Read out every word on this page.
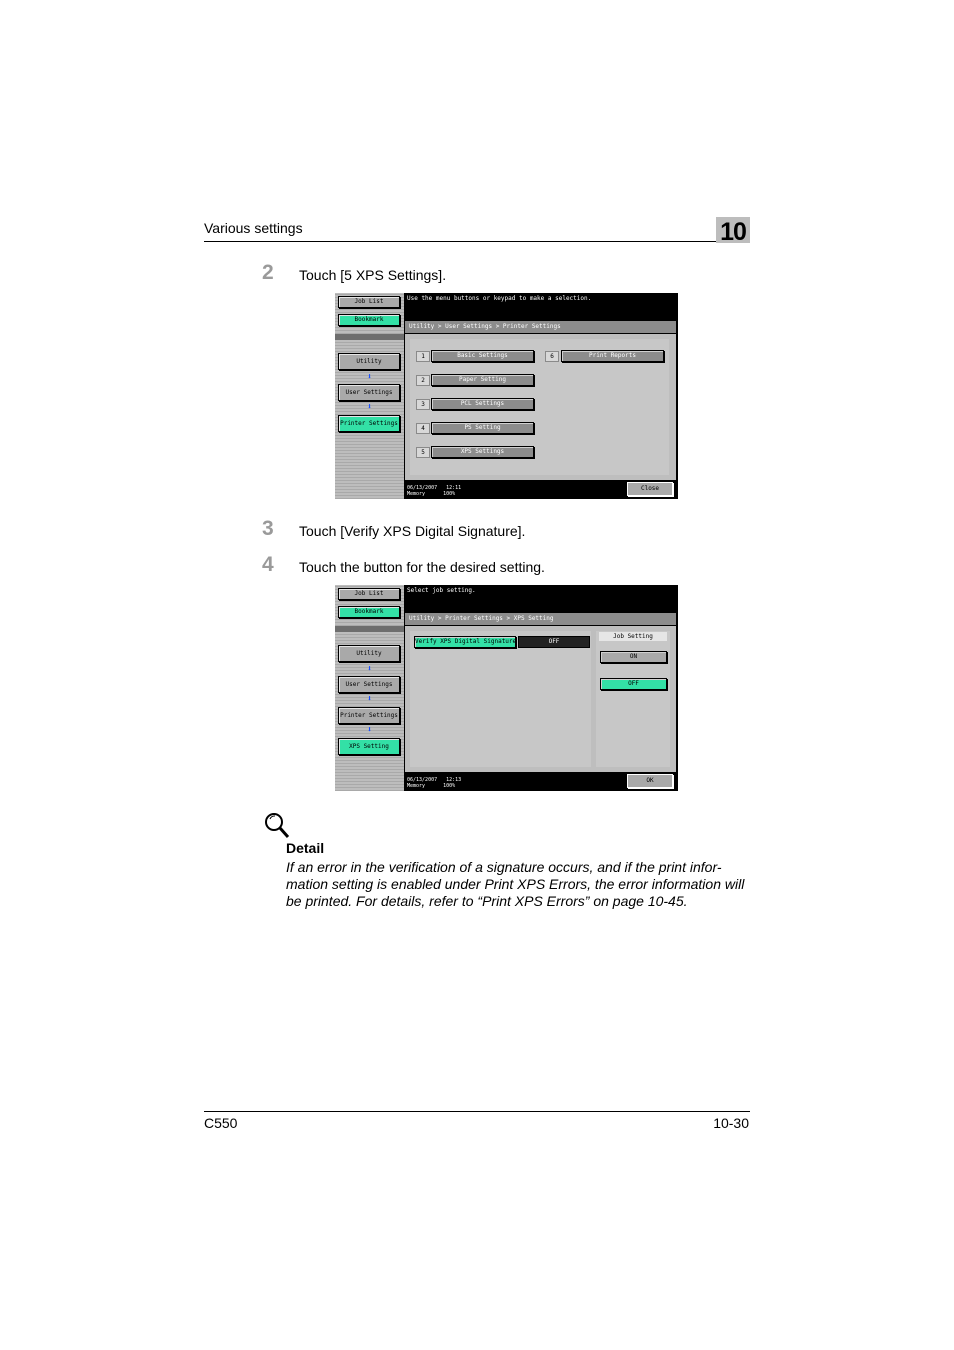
Various settings	10
2 Touch [5 XPS Settings].
Job List
Bookmark
Utility
⬇
User Settings
⬇
Printer Settings
Use the menu buttons or keypad to make a selection.
Utility > User Settings > Printer Settings
1	Basic Settings
2	Paper Setting
3	PCL Settings
4	PS Setting
5	XPS Settings
6	Print Reports
06/13/2007 12:11
Memory	100%
Close
3 Touch [Verify XPS Digital Signature].
4 Touch the button for the desired setting.
Job List
Bookmark
Utility
⬇
User Settings
⬇
Printer Settings
⬇
XPS Setting
Select job setting.
Utility > Printer Settings > XPS Setting
Verify XPS Digital Signature	OFF
Job Setting
ON
OFF
06/13/2007 12:13
Memory	100%
OK
Detail
If an error in the verification of a signature occurs, and if the print infor-mation setting is enabled under Print XPS Errors, the error information will be printed. For details, refer to “Print XPS Errors” on page 10-45.
C550	10-30
